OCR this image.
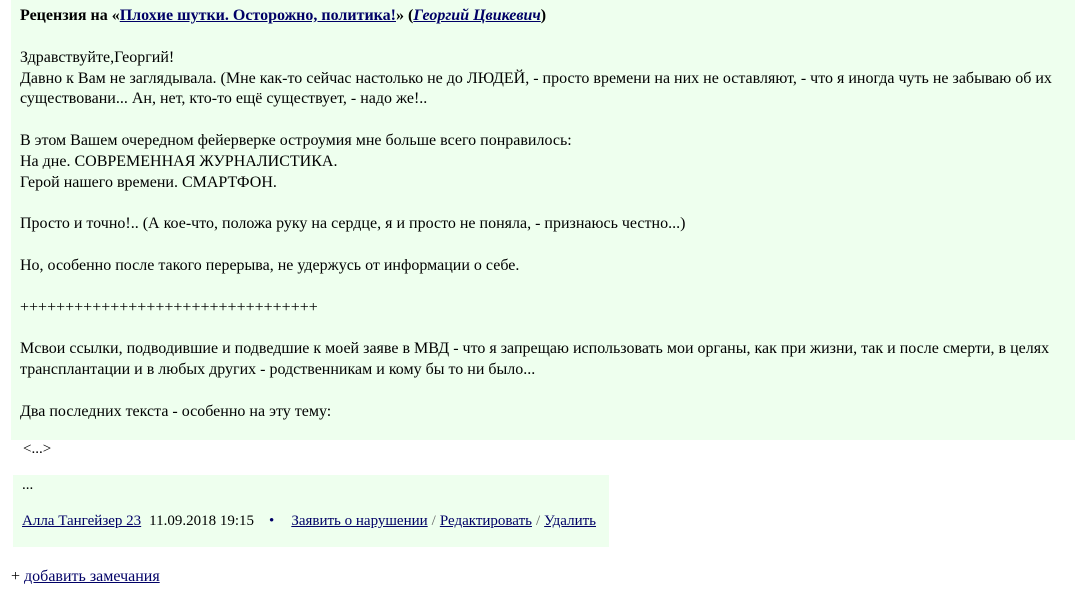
Рецензия на «Плохие шутки. Осторожно, политика!» (Георгий Цвикевич)

Здравствуйте,Георгий!
Давно к Вам не заглядывала. (Мне как-то сейчас настолько не до ЛЮДЕЙ, - просто времени на них не оставляют, - что я иногда чуть не забываю об их существовани... Ан, нет, кто-то ещё существует, - надо же!..

В этом Вашем очередном фейерверке остроумия мне больше всего понравилось:
На дне. СОВРЕМЕННАЯ ЖУРНАЛИСТИКА.
Герой нашего времени. СМАРТФОН.

Просто и точно!.. (А кое-что, положа руку на сердце, я и просто не поняла, - признаюсь честно...)

Но, особенно после такого перерыва, не удержусь от информации о себе.

+++++++++++++++++++++++++++++++++

Мсвои ссылки, подводившие и подведшие к моей заяве в МВД - что я запрещаю использовать мои органы, как при жизни, так и после смерти, в целях трансплантации и в любых других - родственникам и кому бы то ни было...

Два последних текста - особенно на эту тему:

<...>
...
Алла Тангейзер 23 11.09.2018 19:15 • Заявить о нарушении / Редактировать / Удалить
+ добавить замечания
